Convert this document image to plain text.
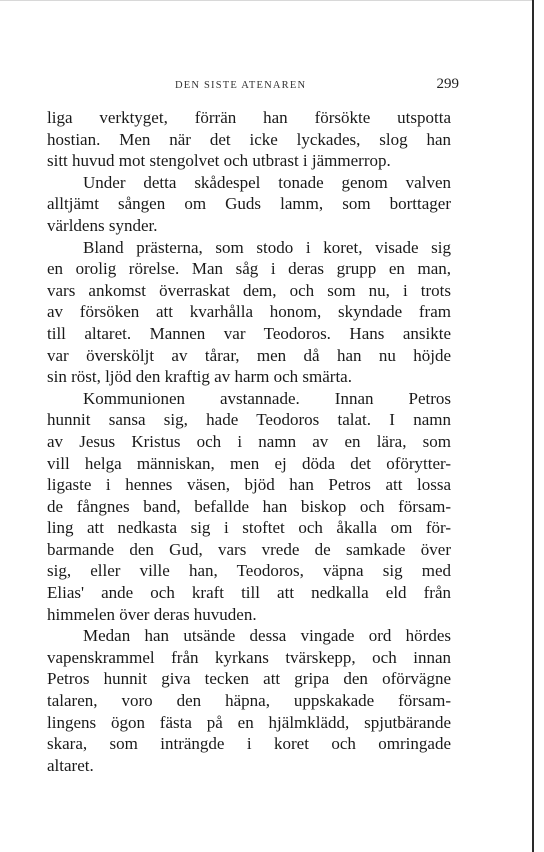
DEN SISTE ATENAREN	299

liga verktyget, förrän han försökte utspotta
hostian. Men när det icke lyckades, slog han
sitt huvud mot stengolvet och utbrast i jämmerrop.

Under detta skådespel tonade genom valven
alltjämt sången om Guds lamm, som borttager
världens synder.

Bland prästerna, som stodo i koret, visade sig
en orolig rörelse. Man såg i deras grupp en man,
vars ankomst överraskat dem, och som nu, i trots
av försöken att kvarhålla honom, skyndade fram
till altaret. Mannen var Teodoros. Hans ansikte
var översköljt av tårar, men då han nu höjde
sin röst, ljöd den kraftig av harm och smärta.

Kommunionen avstannade. Innan Petros
hunnit sansa sig, hade Teodoros talat. I namn
av Jesus Kristus och i namn av en lära, som
vill helga människan, men ej döda det oförytter-
ligaste i hennes väsen, bjöd han Petros att lossa
de fångnes band, befallde han biskop och försam-
ling att nedkasta sig i stoftet och åkalla om för-
barmande den Gud, vars vrede de samkade över
sig, eller ville han, Teodoros, väpna sig med
Elias' ande och kraft till att nedkalla eld från
himmelen över deras huvuden.

Medan han utsände dessa vingade ord hördes
vapenskrammel från kyrkans tvärskepp, och innan
Petros hunnit giva tecken att gripa den oförvägne
talaren, voro den häpna, uppskakade försam-
lingens ögon fästa på en hjälmklädd, spjutbärande
skara, som inträngde i koret och omringade
altaret.
